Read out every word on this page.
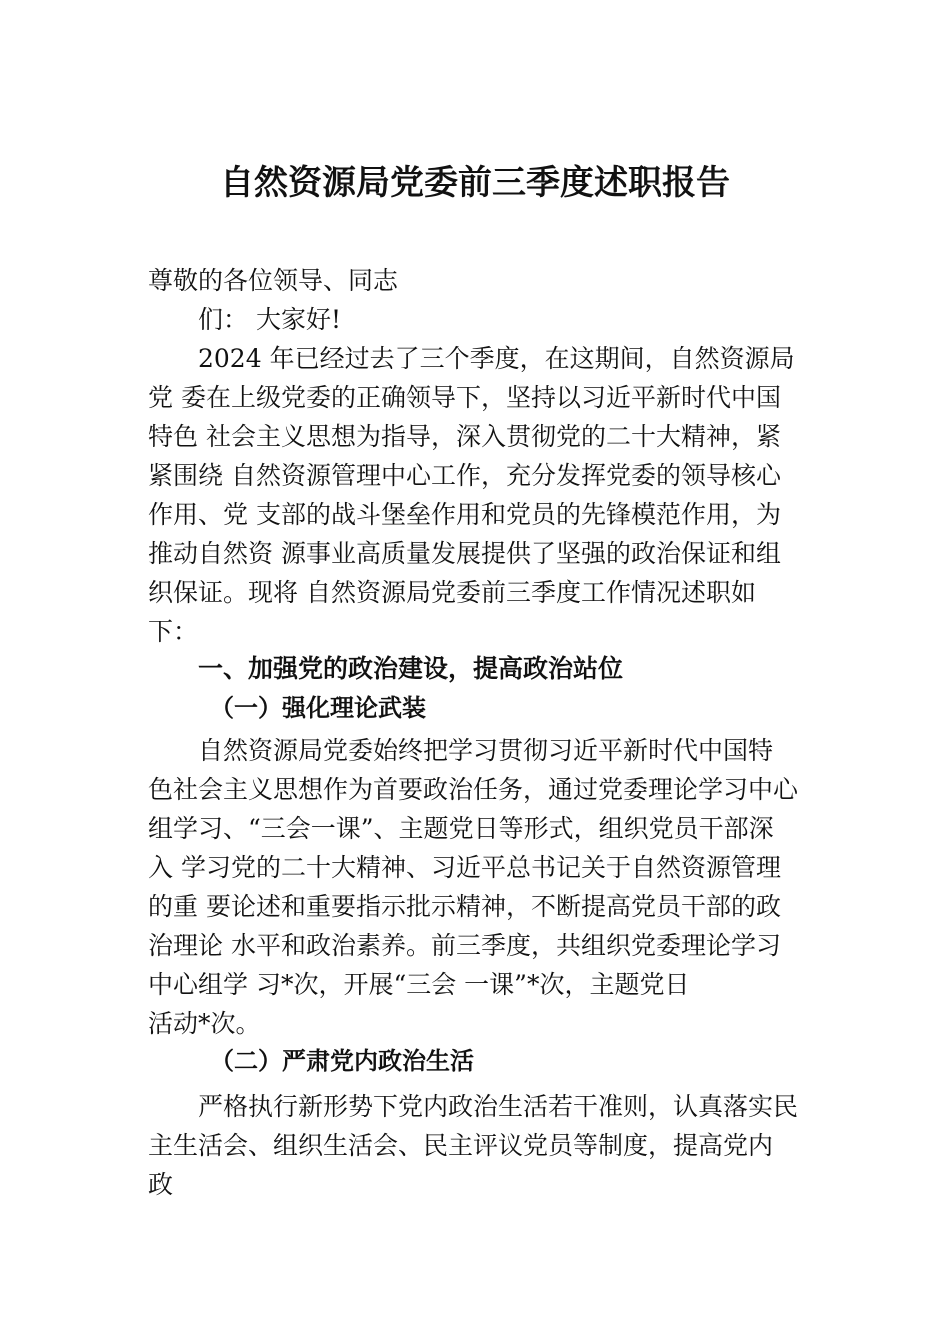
自然资源局党委前三季度述职报告

尊敬的各位领导、同志

们： 大家好!

2024 年已经过去了三个季度，在这期间，自然资源局

党 委在上级党委的正确领导下，坚持以习近平新时代中国

特色 社会主义思想为指导，深入贯彻党的二十大精神，紧

紧围绕 自然资源管理中心工作，充分发挥党委的领导核心

作用、党 支部的战斗堡垒作用和党员的先锋模范作用，为

推动自然资 源事业高质量发展提供了坚强的政治保证和组

织保证。现将 自然资源局党委前三季度工作情况述职如

下：

一、加强党的政治建设，提高政治站位
（一）强化理论武装

自然资源局党委始终把学习贯彻习近平新时代中国特

色社会主义思想作为首要政治任务，通过党委理论学习中心

组学习、“三会一课”、主题党日等形式，组织党员干部深

入 学习党的二十大精神、习近平总书记关于自然资源管理

的重 要论述和重要指示批示精神，不断提高党员干部的政

治理论 水平和政治素养。前三季度，共组织党委理论学习

中心组学 习*次，开展“三会 一课”*次，主题党日

活动*次。

（二）严肃党内政治生活

严格执行新形势下党内政治生活若干准则，认真落实民

主生活会、组织生活会、民主评议党员等制度，提高党内

政
